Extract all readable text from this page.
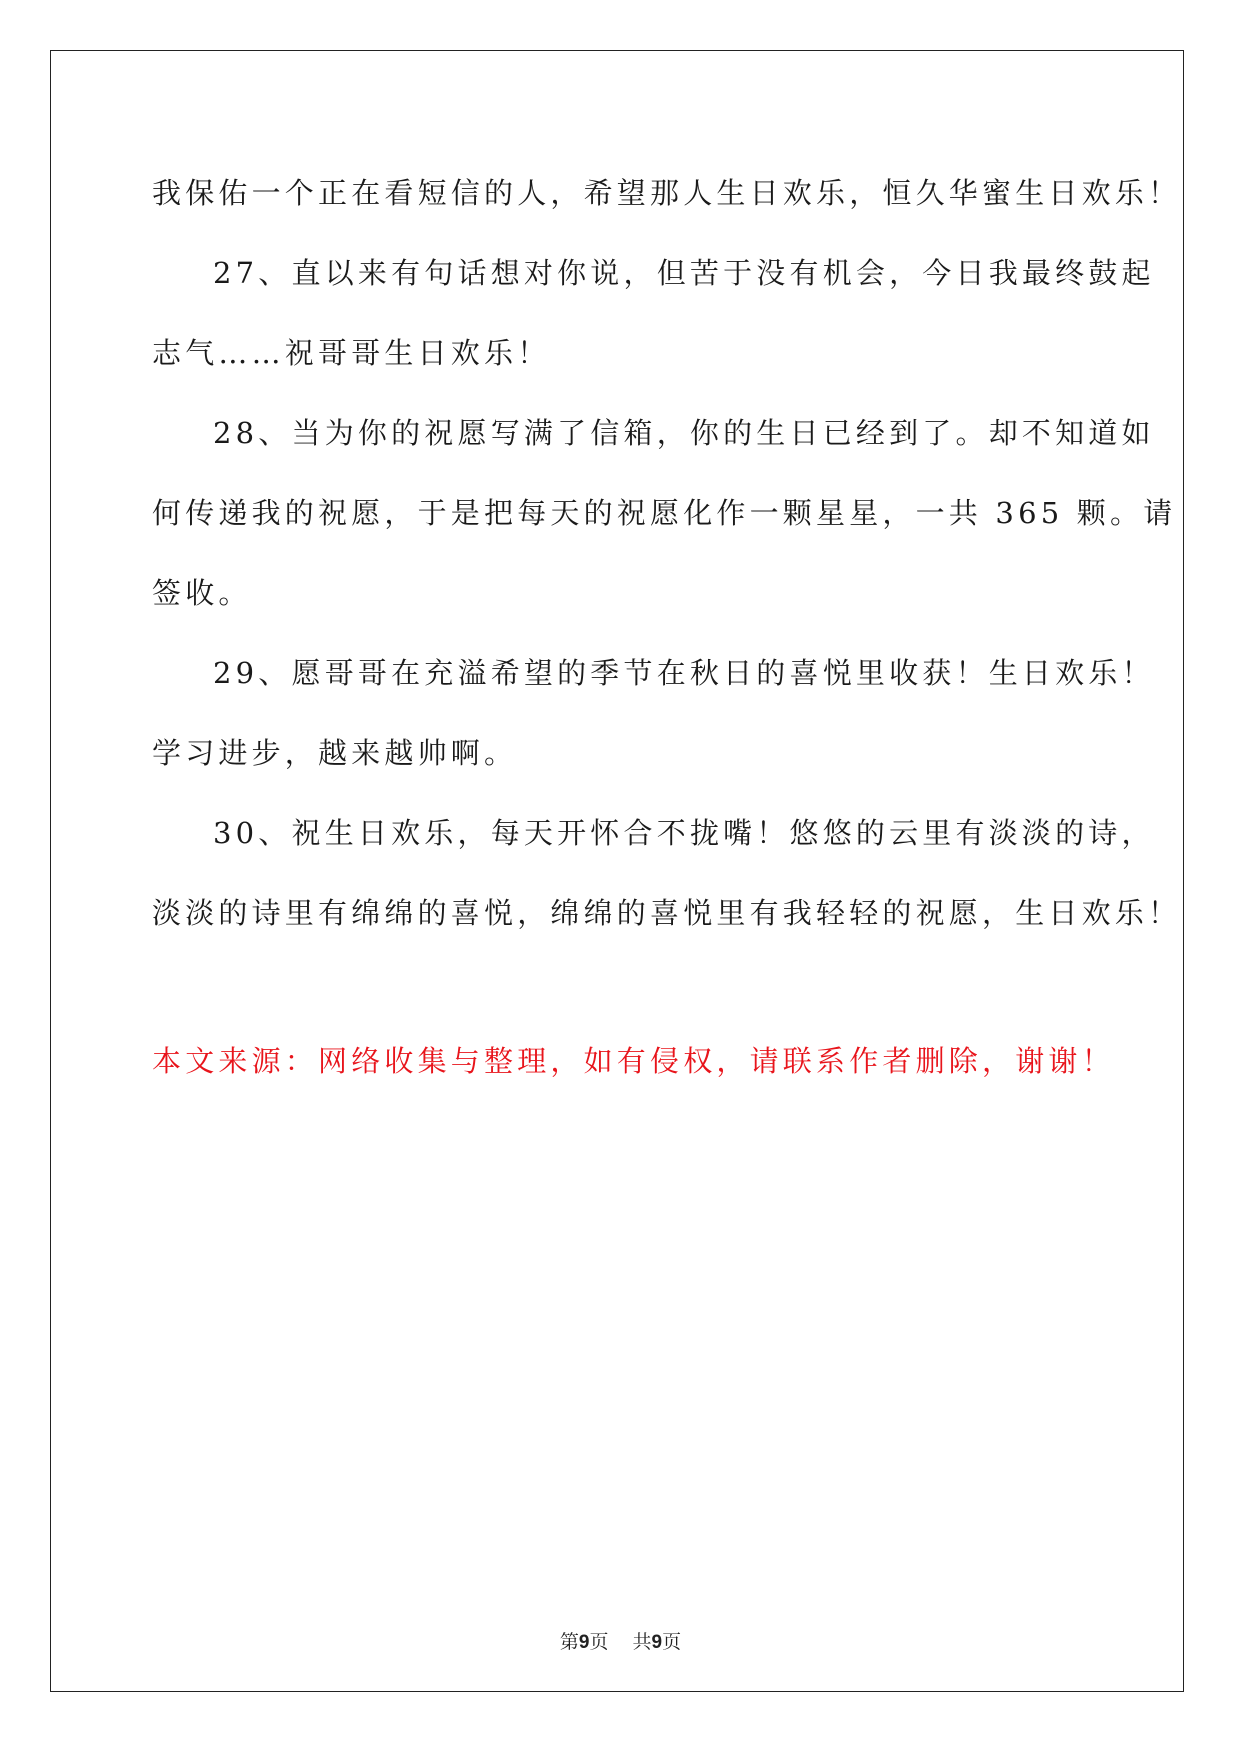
我保佑一个正在看短信的人，希望那人生日欢乐，恒久华蜜生日欢乐！
27、直以来有句话想对你说，但苦于没有机会，今日我最终鼓起
志气……祝哥哥生日欢乐！
28、当为你的祝愿写满了信箱，你的生日已经到了。却不知道如
何传递我的祝愿，于是把每天的祝愿化作一颗星星，一共 365 颗。请
签收。
29、愿哥哥在充溢希望的季节在秋日的喜悦里收获！生日欢乐！
学习进步，越来越帅啊。
30、祝生日欢乐，每天开怀合不拢嘴！悠悠的云里有淡淡的诗，
淡淡的诗里有绵绵的喜悦，绵绵的喜悦里有我轻轻的祝愿，生日欢乐！
本文来源：网络收集与整理，如有侵权，请联系作者删除，谢谢！
第9页 共9页
